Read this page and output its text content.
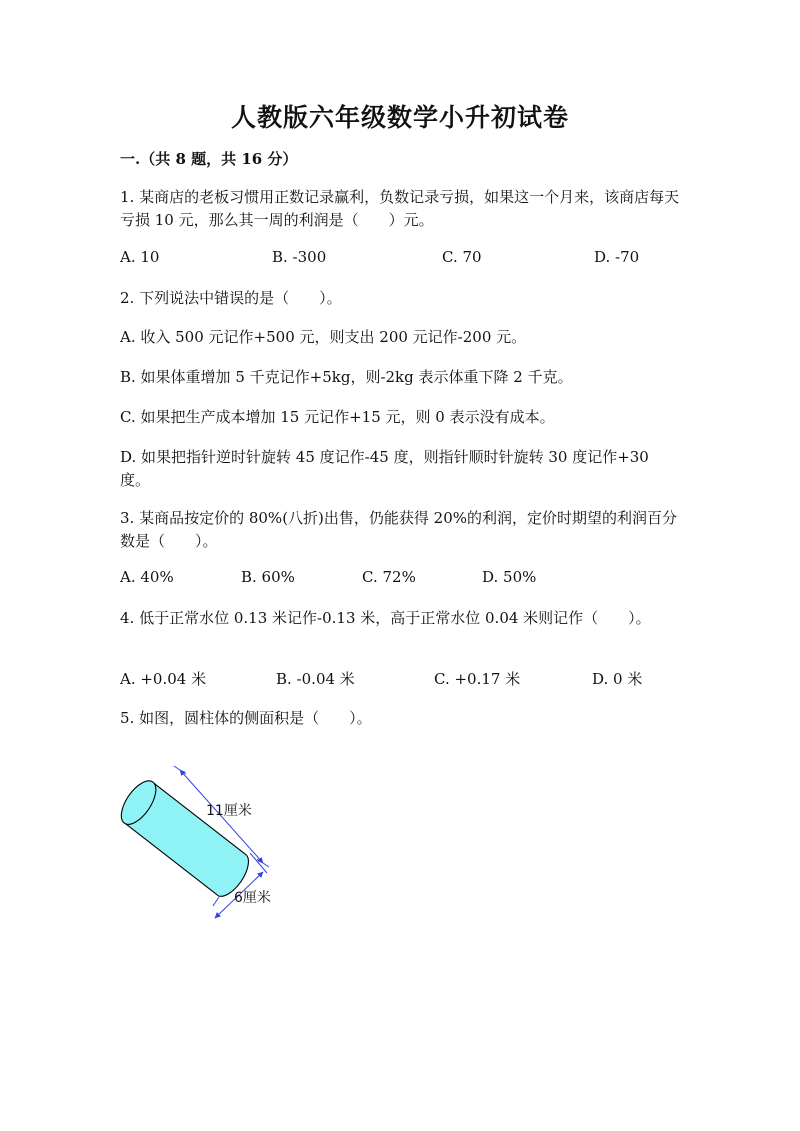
人教版六年级数学小升初试卷
一.（共 8 题，共 16 分）
1. 某商店的老板习惯用正数记录赢利，负数记录亏损，如果这一个月来，该商店每天亏损 10 元，那么其一周的利润是（　　）元。
A. 10	B. -300	C. 70	D. -70
2. 下列说法中错误的是（　　）。
A. 收入 500 元记作+500 元，则支出 200 元记作-200 元。
B. 如果体重增加 5 千克记作+5kg，则-2kg 表示体重下降 2 千克。
C. 如果把生产成本增加 15 元记作+15 元，则 0 表示没有成本。
D. 如果把指针逆时针旋转 45 度记作-45 度，则指针顺时针旋转 30 度记作+30 度。
3. 某商品按定价的 80%(八折)出售，仍能获得 20%的利润，定价时期望的利润百分数是（　　）。
A. 40%	B. 60%	C. 72%	D. 50%
4. 低于正常水位 0.13 米记作-0.13 米，高于正常水位 0.04 米则记作（　　）。
A. +0.04 米	B. -0.04 米	C. +0.17 米	D. 0 米
5. 如图，圆柱体的侧面积是（　　）。
11厘米
6厘米
